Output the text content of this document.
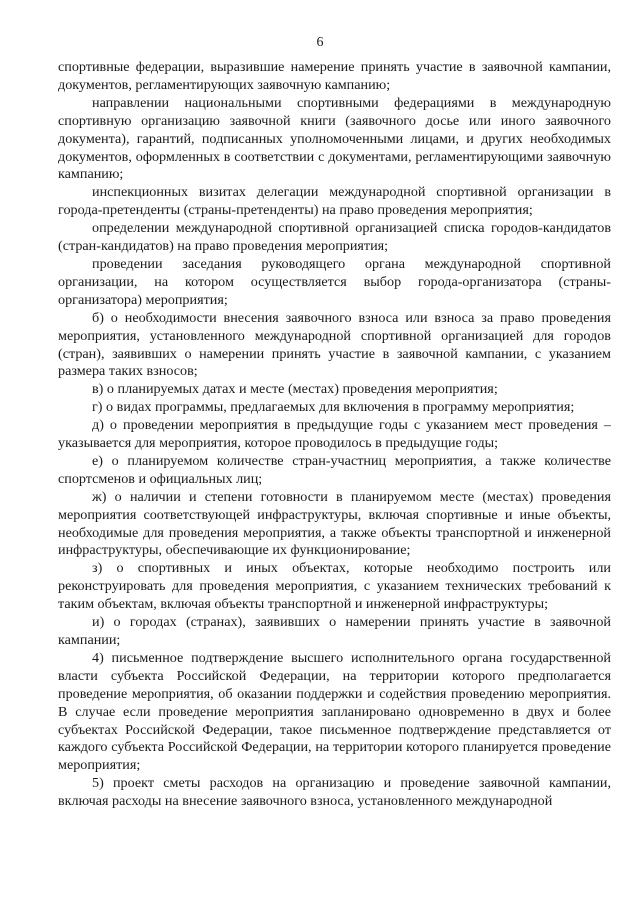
6

спортивные федерации, выразившие намерение принять участие в заявочной кампании, документов, регламентирующих заявочную кампанию;

направлении национальными спортивными федерациями в международную спортивную организацию заявочной книги (заявочного досье или иного заявочного документа), гарантий, подписанных уполномоченными лицами, и других необходимых документов, оформленных в соответствии с документами, регламентирующими заявочную кампанию;

инспекционных визитах делегации международной спортивной организации в города-претенденты (страны-претенденты) на право проведения мероприятия;

определении международной спортивной организацией списка городов-кандидатов (стран-кандидатов) на право проведения мероприятия;

проведении заседания руководящего органа международной спортивной организации, на котором осуществляется выбор города-организатора (страны-организатора) мероприятия;

б) о необходимости внесения заявочного взноса или взноса за право проведения мероприятия, установленного международной спортивной организацией для городов (стран), заявивших о намерении принять участие в заявочной кампании, с указанием размера таких взносов;

в) о планируемых датах и месте (местах) проведения мероприятия;

г) о видах программы, предлагаемых для включения в программу мероприятия;

д) о проведении мероприятия в предыдущие годы с указанием мест проведения – указывается для мероприятия, которое проводилось в предыдущие годы;

е) о планируемом количестве стран-участниц мероприятия, а также количестве спортсменов и официальных лиц;

ж) о наличии и степени готовности в планируемом месте (местах) проведения мероприятия соответствующей инфраструктуры, включая спортивные и иные объекты, необходимые для проведения мероприятия, а также объекты транспортной и инженерной инфраструктуры, обеспечивающие их функционирование;

з) о спортивных и иных объектах, которые необходимо построить или реконструировать для проведения мероприятия, с указанием технических требований к таким объектам, включая объекты транспортной и инженерной инфраструктуры;

и) о городах (странах), заявивших о намерении принять участие в заявочной кампании;

4) письменное подтверждение высшего исполнительного органа государственной власти субъекта Российской Федерации, на территории которого предполагается проведение мероприятия, об оказании поддержки и содействия проведению мероприятия. В случае если проведение мероприятия запланировано одновременно в двух и более субъектах Российской Федерации, такое письменное подтверждение представляется от каждого субъекта Российской Федерации, на территории которого планируется проведение мероприятия;

5) проект сметы расходов на организацию и проведение заявочной кампании, включая расходы на внесение заявочного взноса, установленного международной
